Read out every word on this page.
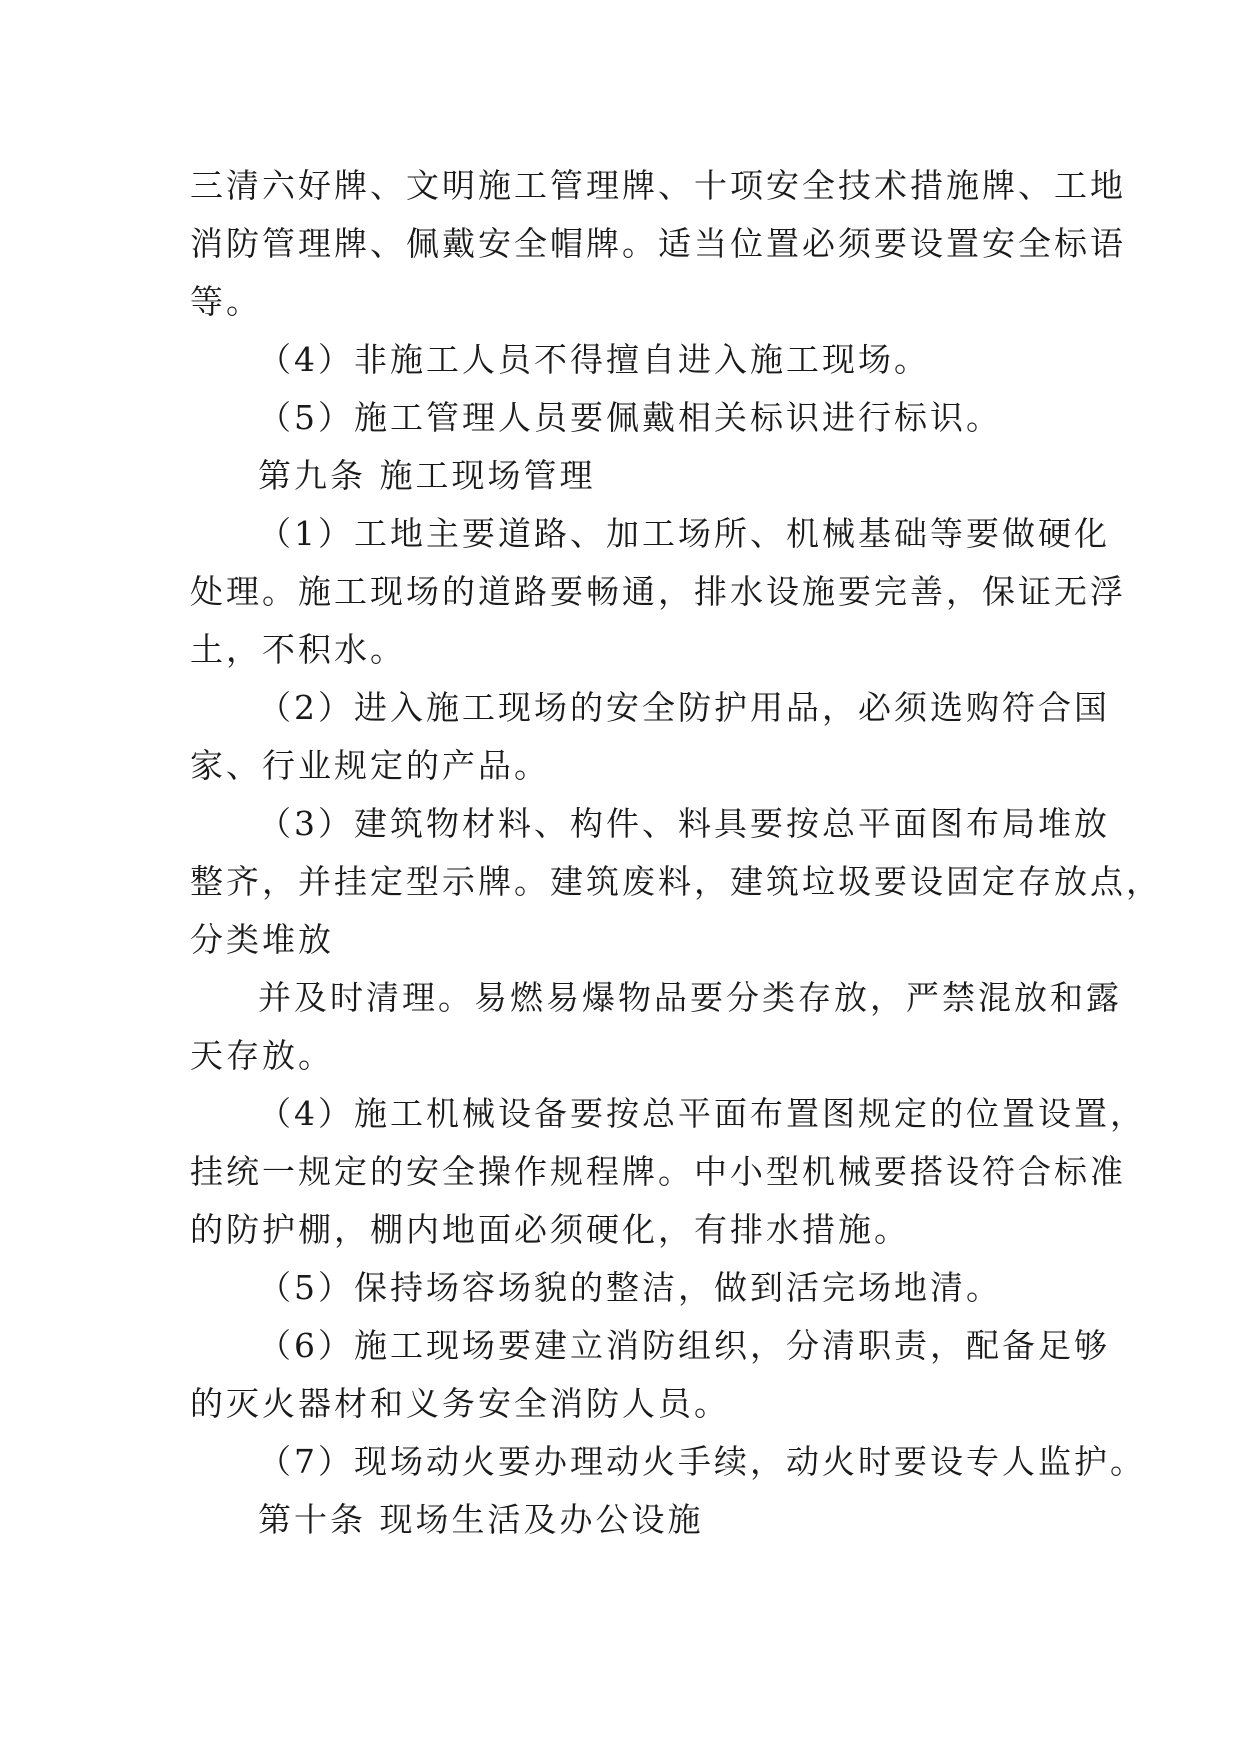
三清六好牌、文明施工管理牌、十项安全技术措施牌、工地

消防管理牌、佩戴安全帽牌。适当位置必须要设置安全标语

等。

（4）非施工人员不得擅自进入施工现场。

（5）施工管理人员要佩戴相关标识进行标识。

第九条 施工现场管理

（1）工地主要道路、加工场所、机械基础等要做硬化

处理。施工现场的道路要畅通，排水设施要完善，保证无浮

土，不积水。

（2）进入施工现场的安全防护用品，必须选购符合国

家、行业规定的产品。

（3）建筑物材料、构件、料具要按总平面图布局堆放

整齐，并挂定型示牌。建筑废料，建筑垃圾要设固定存放点，

分类堆放

并及时清理。易燃易爆物品要分类存放，严禁混放和露

天存放。

（4）施工机械设备要按总平面布置图规定的位置设置，

挂统一规定的安全操作规程牌。中小型机械要搭设符合标准

的防护棚，棚内地面必须硬化，有排水措施。

（5）保持场容场貌的整洁，做到活完场地清。

（6）施工现场要建立消防组织，分清职责，配备足够

的灭火器材和义务安全消防人员。

（7）现场动火要办理动火手续，动火时要设专人监护。

第十条 现场生活及办公设施
